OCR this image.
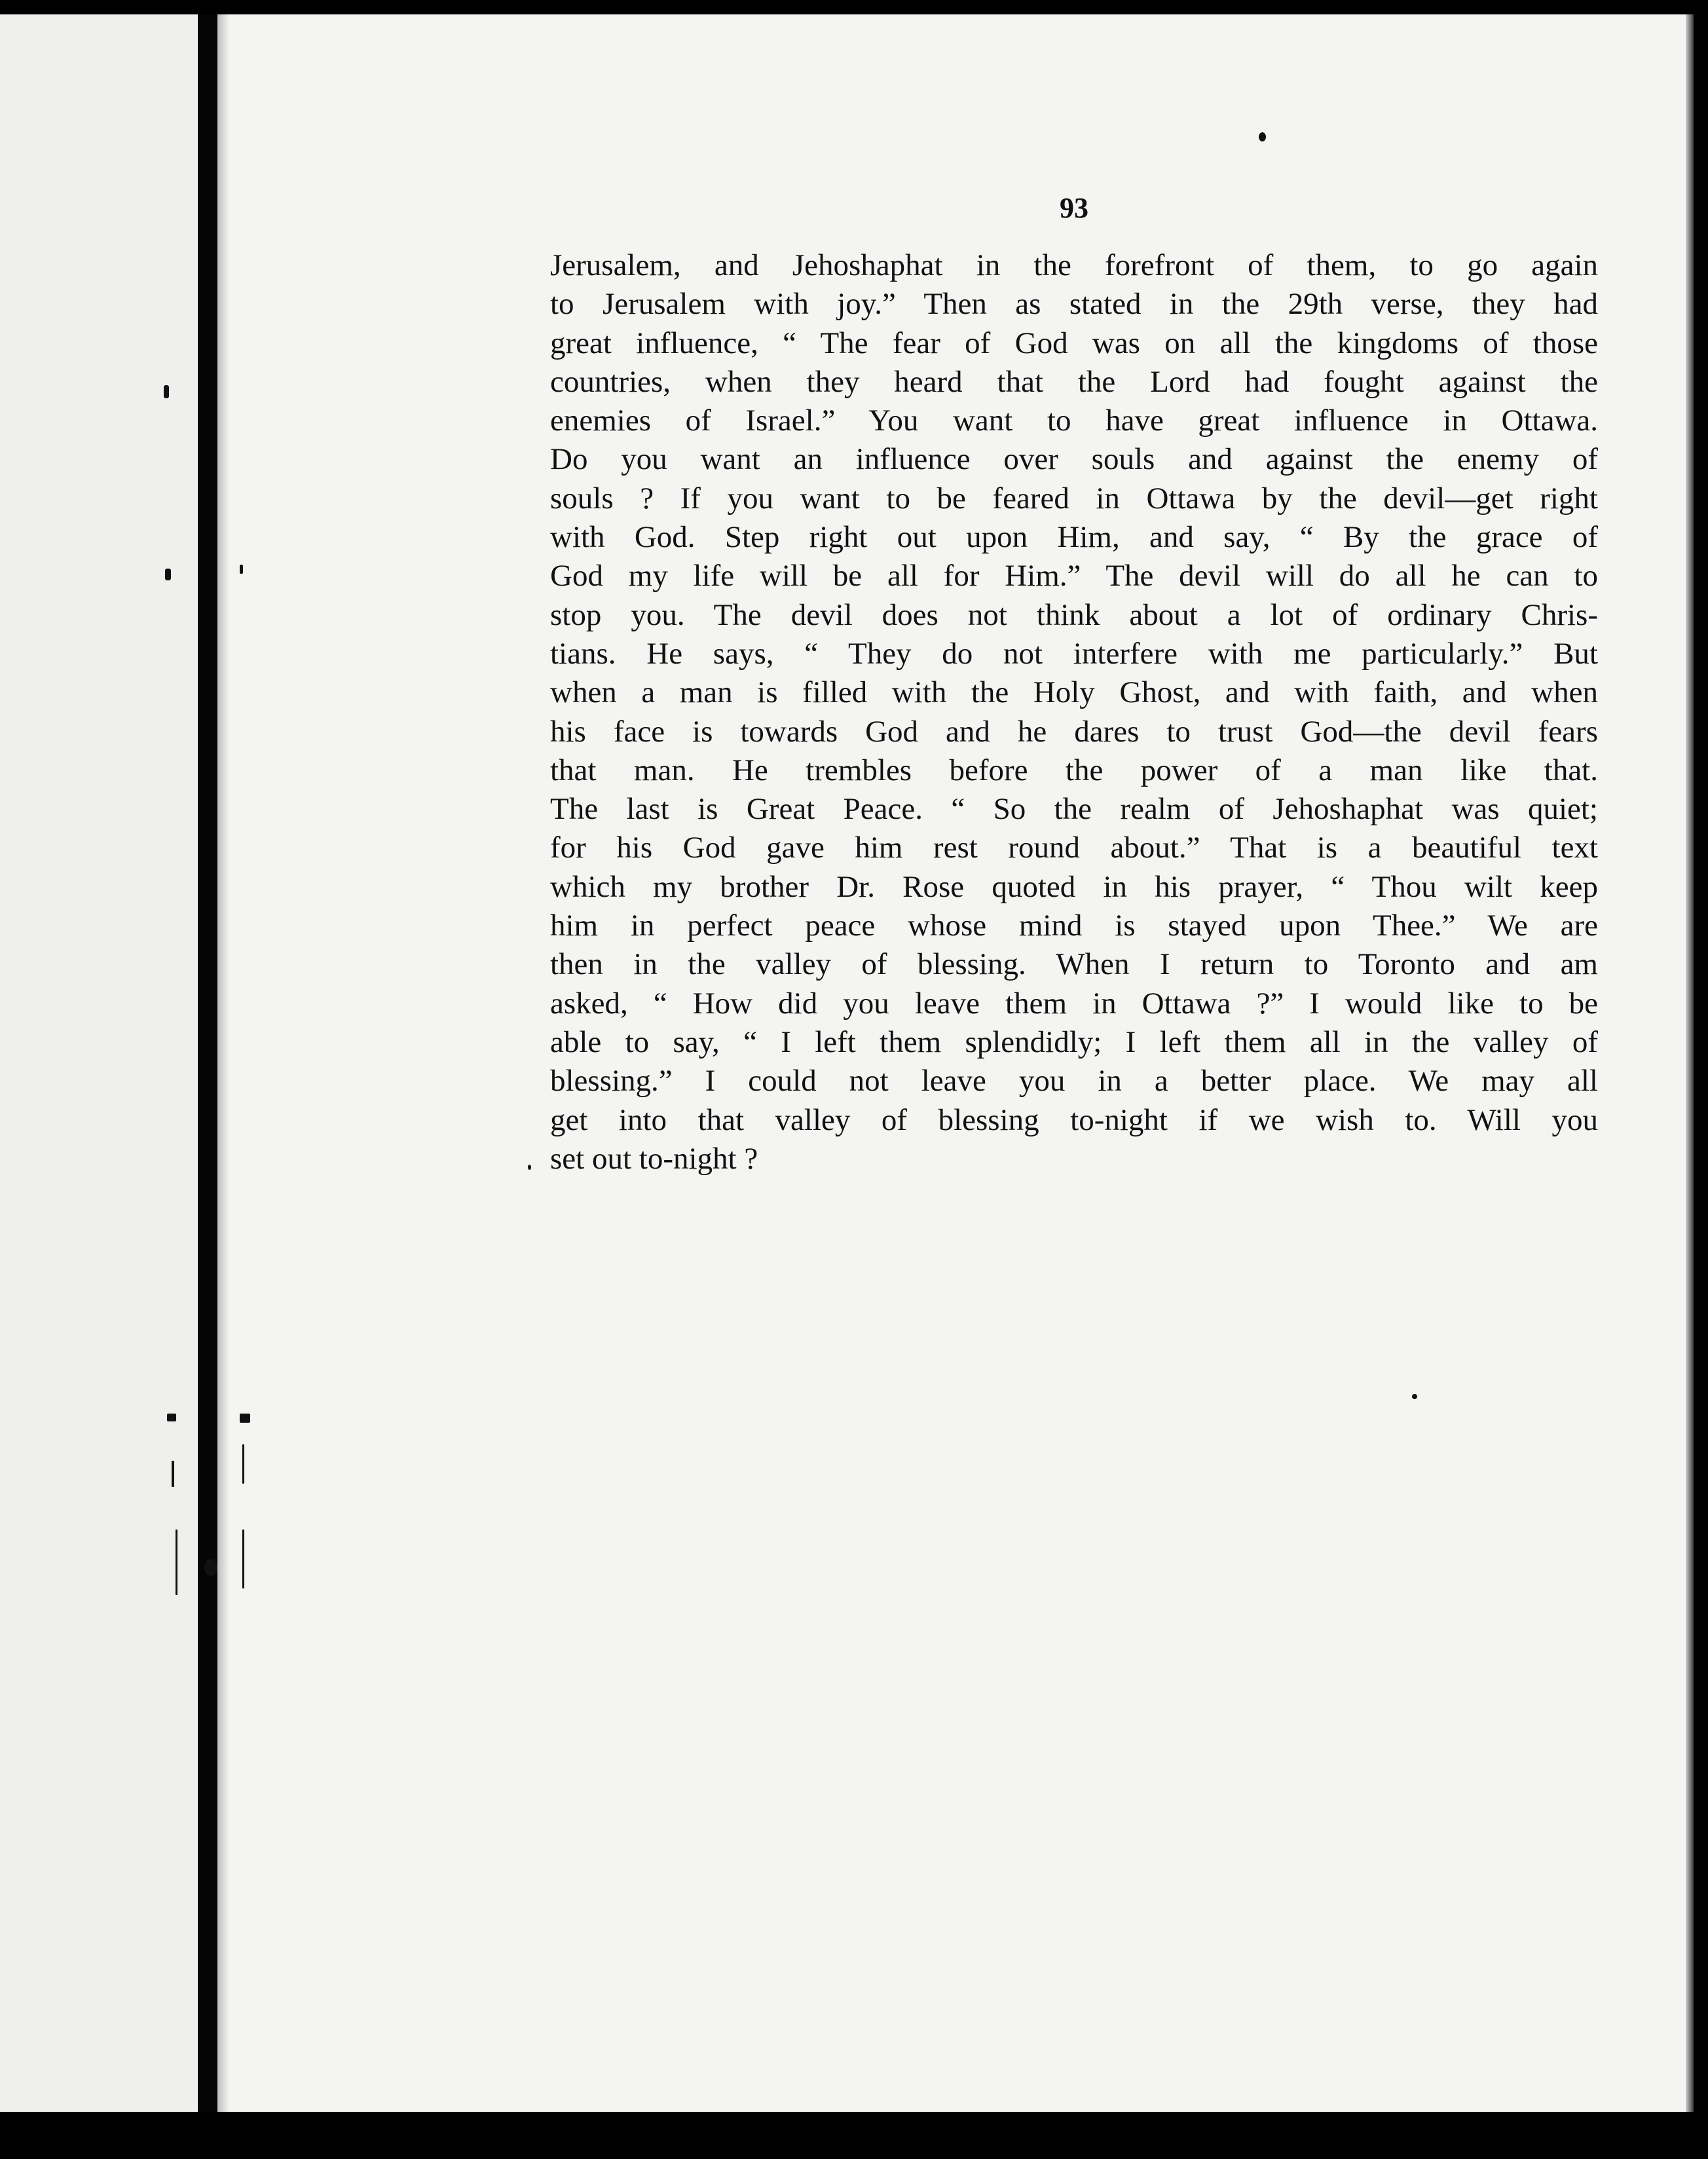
93
Jerusalem, and Jehoshaphat in the forefront of them, to go again
to Jerusalem with joy.” Then as stated in the 29th verse, they had
great influence, “ The fear of God was on all the kingdoms of those
countries, when they heard that the Lord had fought against the
enemies of Israel.” You want to have great influence in Ottawa.
Do you want an influence over souls and against the enemy of
souls ? If you want to be feared in Ottawa by the devil—get right
with God. Step right out upon Him, and say, “ By the grace of
God my life will be all for Him.” The devil will do all he can to
stop you. The devil does not think about a lot of ordinary Chris-
tians. He says, “ They do not interfere with me particularly.” But
when a man is filled with the Holy Ghost, and with faith, and when
his face is towards God and he dares to trust God—the devil fears
that man. He trembles before the power of a man like that.
The last is Great Peace. “ So the realm of Jehoshaphat was quiet;
for his God gave him rest round about.” That is a beautiful text
which my brother Dr. Rose quoted in his prayer, “ Thou wilt keep
him in perfect peace whose mind is stayed upon Thee.” We are
then in the valley of blessing. When I return to Toronto and am
asked, “ How did you leave them in Ottawa ?” I would like to be
able to say, “ I left them splendidly; I left them all in the valley of
blessing.” I could not leave you in a better place. We may all
get into that valley of blessing to-night if we wish to. Will you
set out to-night ?
